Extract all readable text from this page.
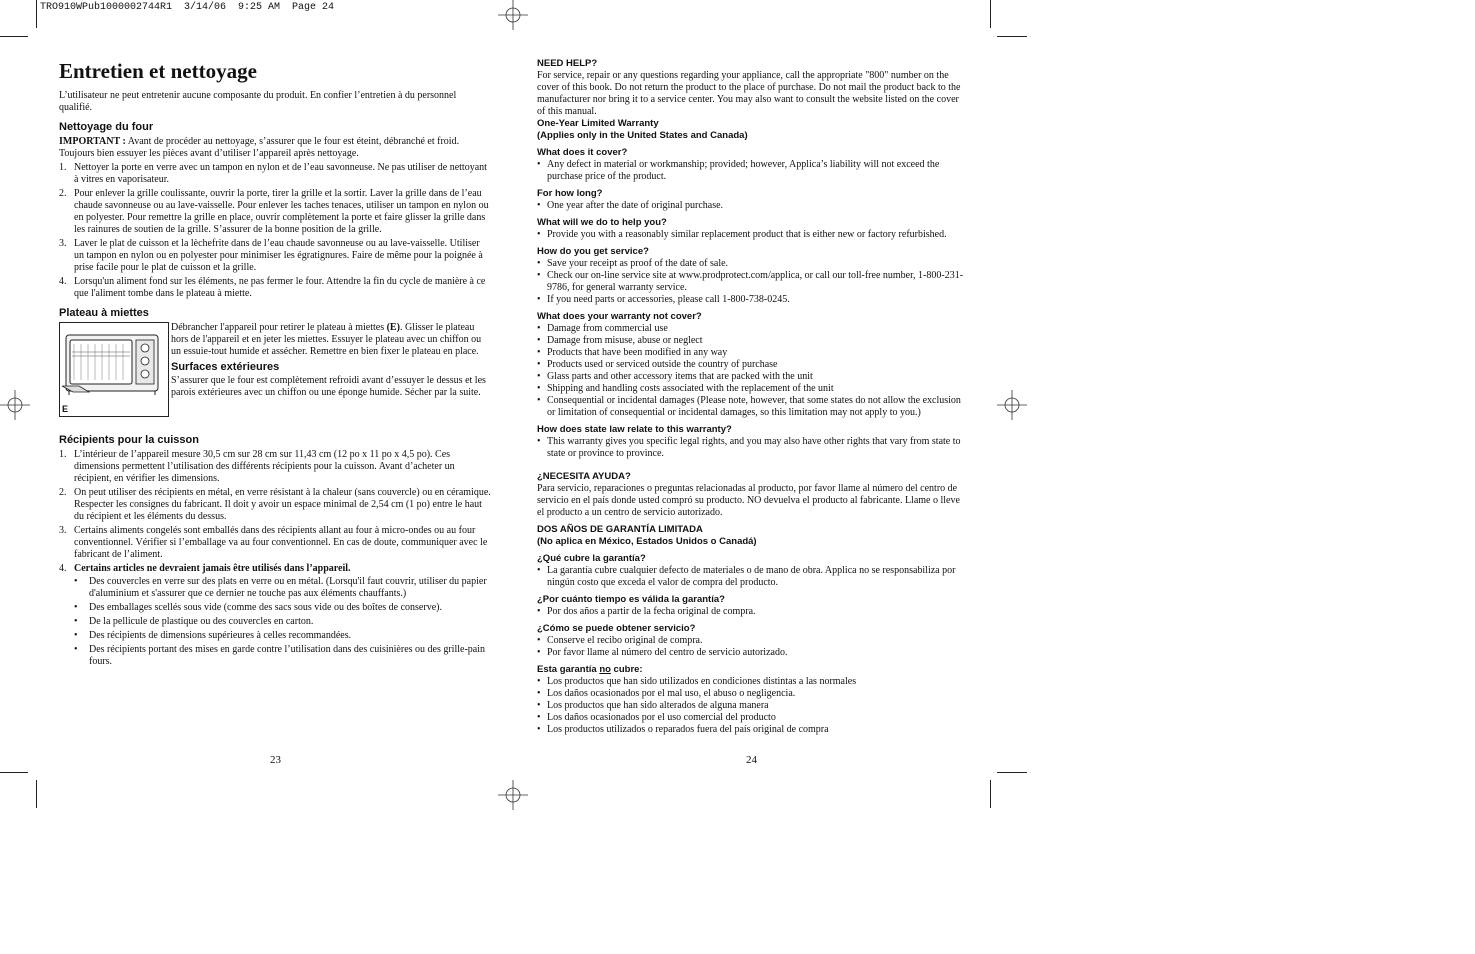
TRO910WPub1000002744R1  3/14/06  9:25 AM  Page 24
Entretien et nettoyage

L’utilisateur ne peut entretenir aucune composante du produit. En confier l’entretien à du personnel qualifié.

Nettoyage du four

IMPORTANT : Avant de procéder au nettoyage, s’assurer que le four est éteint, débranché et froid. Toujours bien essuyer les pièces avant d’utiliser l’appareil après nettoyage.

1. Nettoyer la porte en verre avec un tampon en nylon et de l’eau savonneuse. Ne pas utiliser de nettoyant à vitres en vaporisateur.
2. Pour enlever la grille coulissante, ouvrir la porte, tirer la grille et la sortir. Laver la grille dans de l’eau chaude savonneuse ou au lave-vaisselle. Pour enlever les taches tenaces, utiliser un tampon en nylon ou en polyester. Pour remettre la grille en place, ouvrir complètement la porte et faire glisser la grille dans les rainures de soutien de la grille. S’assurer de la bonne position de la grille.
3. Laver le plat de cuisson et la lèchefrite dans de l’eau chaude savonneuse ou au lave-vaisselle. Utiliser un tampon en nylon ou en polyester pour minimiser les égratignures. Faire de même pour la poignée à prise facile pour le plat de cuisson et la grille.
4. Lorsqu'un aliment fond sur les éléments, ne pas fermer le four. Attendre la fin du cycle de manière à ce que l'aliment tombe dans le plateau à miette.
Plateau à miettes
E

Débrancher l'appareil pour retirer le plateau à miettes (E). Glisser le plateau hors de l'appareil et en jeter les miettes. Essuyer le plateau avec un chiffon ou un essuie-tout humide et assécher. Remettre en bien fixer le plateau en place.

Surfaces extérieures

S’assurer que le four est complètement refroidi avant d’essuyer le dessus et les parois extérieures avec un chiffon ou une éponge humide. Sécher par la suite.

Récipients pour la cuisson
1. L’intérieur de l’appareil mesure 30,5 cm sur 28 cm sur 11,43 cm (12 po x 11 po x 4,5 po). Ces dimensions permettent l’utilisation des différents récipients pour la cuisson. Avant d’acheter un récipient, en vérifier les dimensions.
2. On peut utiliser des récipients en métal, en verre résistant à la chaleur (sans couvercle) ou en céramique. Respecter les consignes du fabricant. Il doit y avoir un espace minimal de 2,54 cm (1 po) entre le haut du récipient et les éléments du dessus.
3. Certains aliments congelés sont emballés dans des récipients allant au four à micro-ondes ou au four conventionnel. Vérifier si l’emballage va au four conventionnel. En cas de doute, communiquer avec le fabricant de l’aliment.
4. Certains articles ne devraient jamais être utilisés dans l’appareil.
• Des couvercles en verre sur des plats en verre ou en métal. (Lorsqu'il faut couvrir, utiliser du papier d'aluminium et s'assurer que ce dernier ne touche pas aux éléments chauffants.)
• Des emballages scellés sous vide (comme des sacs sous vide ou des boîtes de conserve).
• De la pellicule de plastique ou des couvercles en carton.
• Des récipients de dimensions supérieures à celles recommandées.
• Des récipients portant des mises en garde contre l’utilisation dans des cuisinières ou des grille-pain fours.
23
NEED HELP?

For service, repair or any questions regarding your appliance, call the appropriate "800" number on the cover of this book. Do not return the product to the place of purchase. Do not mail the product back to the manufacturer nor bring it to a service center. You may also want to consult the website listed on the cover of this manual.

One-Year Limited Warranty
(Applies only in the United States and Canada)
What does it cover?
• Any defect in material or workmanship; provided; however, Applica’s liability will not exceed the purchase price of the product.
For how long?
• One year after the date of original purchase.
What will we do to help you?
• Provide you with a reasonably similar replacement product that is either new or factory refurbished.
How do you get service?
• Save your receipt as proof of the date of sale.
• Check our on-line service site at www.prodprotect.com/applica, or call our toll-free number, 1-800-231-9786, for general warranty service.
• If you need parts or accessories, please call 1-800-738-0245.
What does your warranty not cover?
• Damage from commercial use
• Damage from misuse, abuse or neglect
• Products that have been modified in any way
• Products used or serviced outside the country of purchase
• Glass parts and other accessory items that are packed with the unit
• Shipping and handling costs associated with the replacement of the unit
• Consequential or incidental damages (Please note, however, that some states do not allow the exclusion or limitation of consequential or incidental damages, so this limitation may not apply to you.)
How does state law relate to this warranty?
• This warranty gives you specific legal rights, and you may also have other rights that vary from state to state or province to province.
¿NECESITA AYUDA?

Para servicio, reparaciones o preguntas relacionadas al producto, por favor llame al número del centro de servicio en el país donde usted compró su producto. NO devuelva el producto al fabricante. Llame o lleve el producto a un centro de servicio autorizado.

DOS AÑOS DE GARANTÍA LIMITADA
(No aplica en México, Estados Unidos o Canadá)
¿Qué cubre la garantía?
• La garantía cubre cualquier defecto de materiales o de mano de obra. Applica no se responsabiliza por ningún costo que exceda el valor de compra del producto.
¿Por cuánto tiempo es válida la garantía?
• Por dos años a partir de la fecha original de compra.
¿Cómo se puede obtener servicio?
• Conserve el recibo original de compra.
• Por favor llame al número del centro de servicio autorizado.
Esta garantía no cubre:
• Los productos que han sido utilizados en condiciones distintas a las normales
• Los daños ocasionados por el mal uso, el abuso o negligencia.
• Los productos que han sido alterados de alguna manera
• Los daños ocasionados por el uso comercial del producto
• Los productos utilizados o reparados fuera del país original de compra
24
